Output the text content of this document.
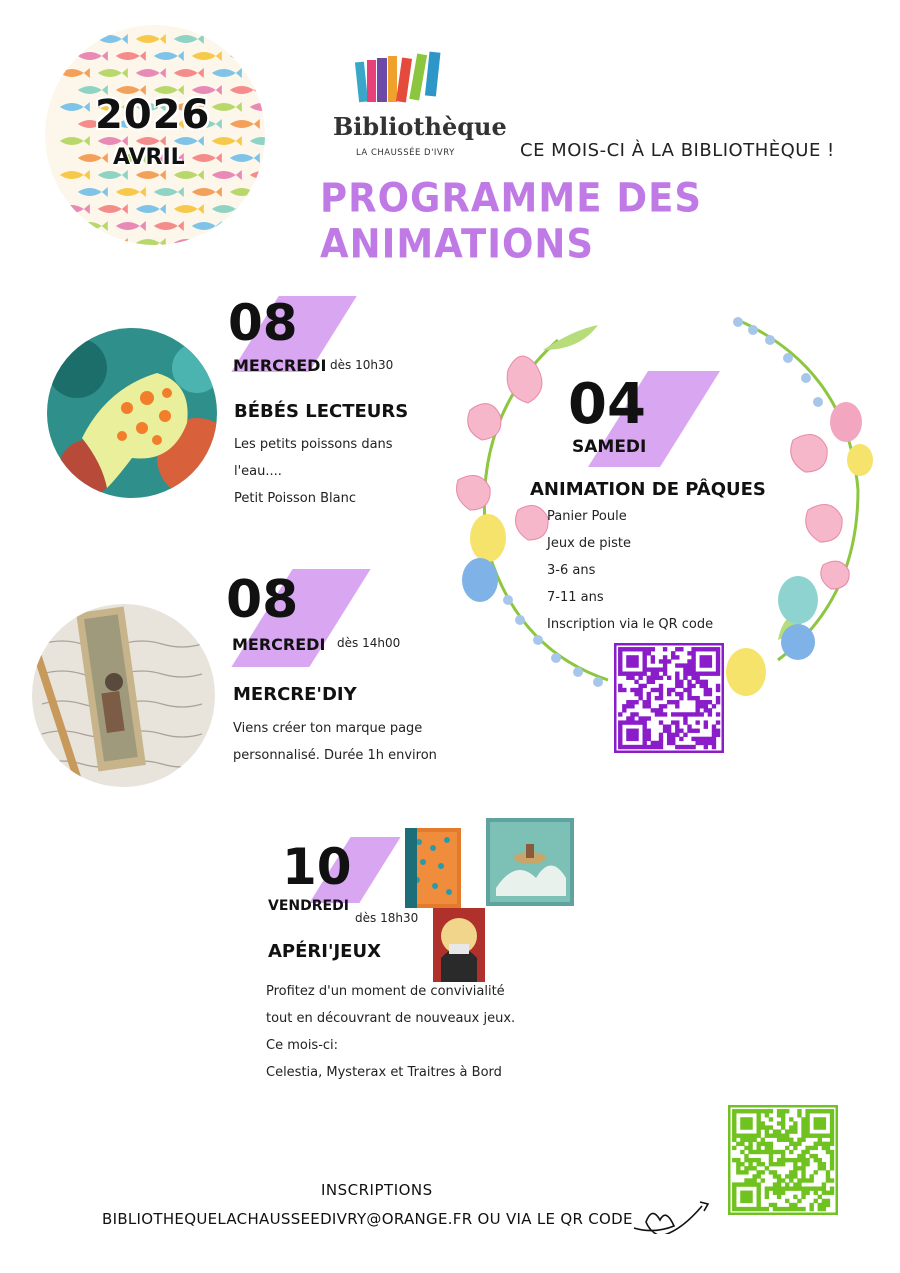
2026
AVRIL
Bibliothèque
LA CHAUSSÉE D'IVRY	CE MOIS-CI À LA BIBLIOTHÈQUE !
PROGRAMME DES ANIMATIONS
08
MERCREDI dès 10h30
BÉBÉS LECTEURS
Les petits poissons dans
l'eau....
Petit Poisson Blanc
08
MERCREDI dès 14h00
MERCRE'DIY
Viens créer ton marque page
personnalisé. Durée 1h environ
04
SAMEDI
ANIMATION DE PÂQUES
Panier Poule
Jeux de piste
3-6 ans
7-11 ans
Inscription via le QR code
10
VENDREDI
dès 18h30
APÉRI'JEUX
Profitez d'un moment de convivialité
tout en découvrant de nouveaux jeux.
Ce mois-ci:
Celestia, Mysterax et Traitres à Bord
INSCRIPTIONS
BIBLIOTHEQUELACHAUSSEEDIVRY@ORANGE.FR OU VIA LE QR CODE
